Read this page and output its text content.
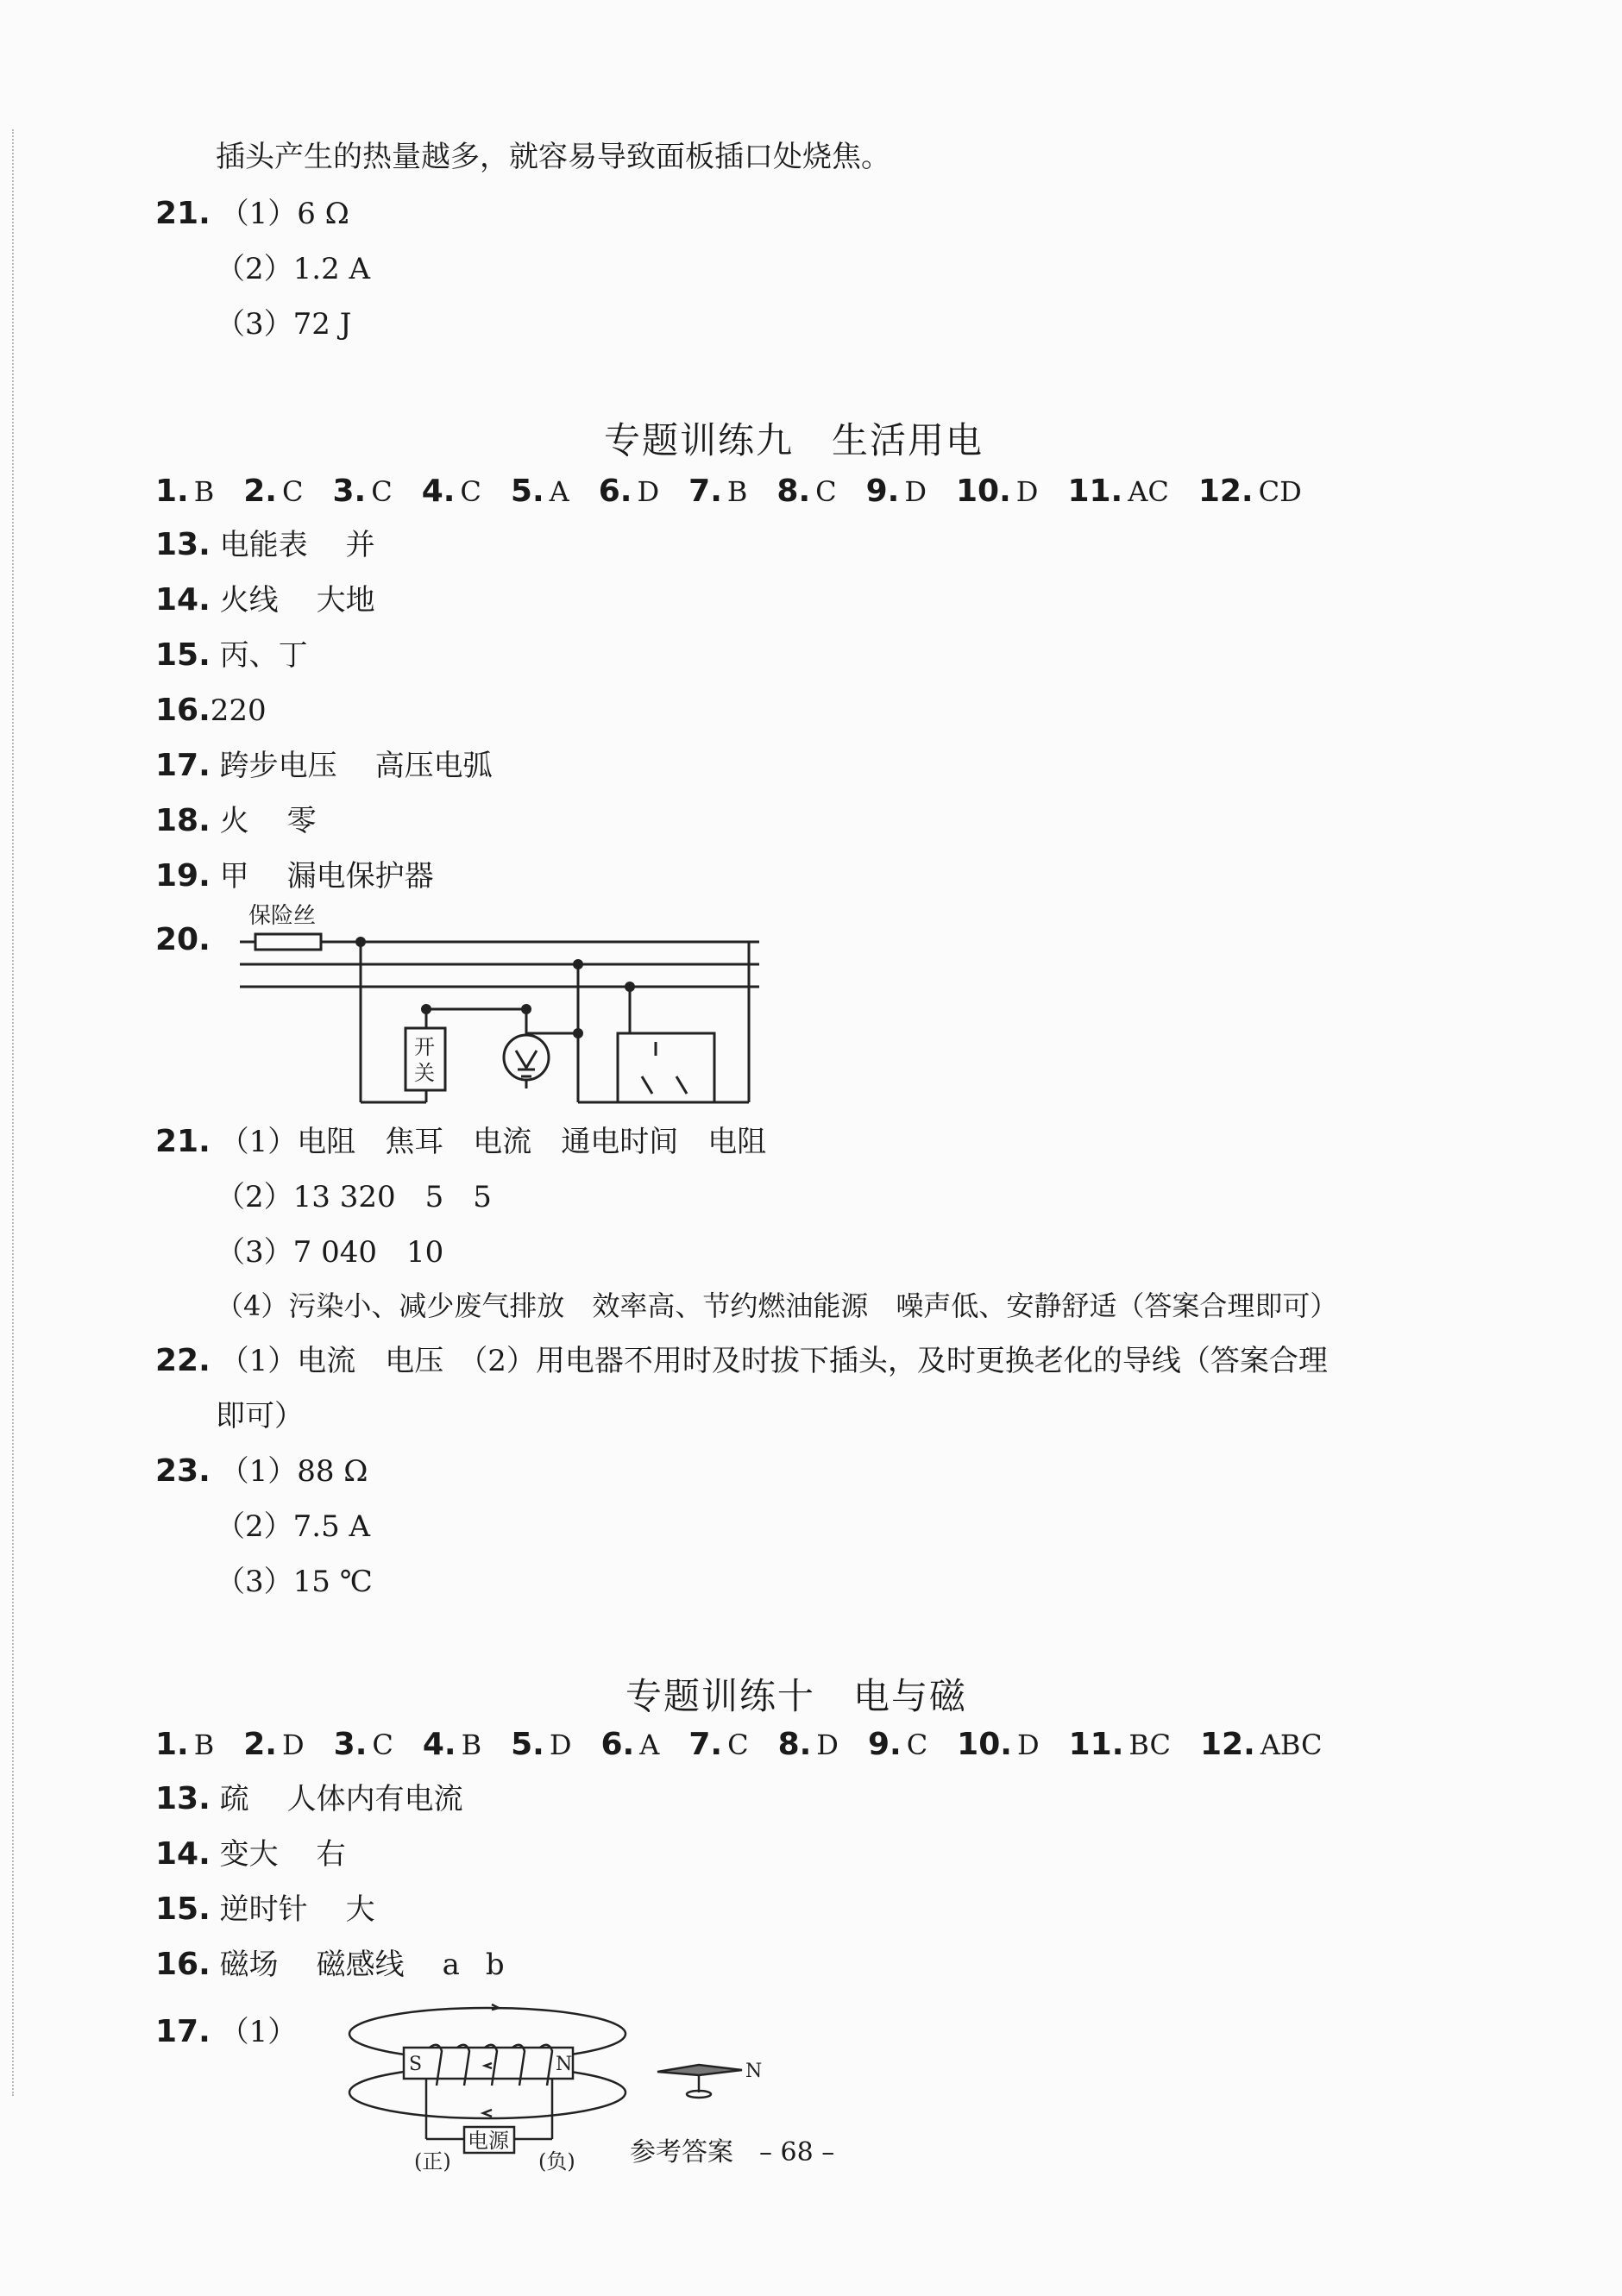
插头产生的热量越多，就容易导致面板插口处烧焦。
21. （1）6 Ω
（2）1.2 A
（3）72 J
专题训练九　生活用电
1. B 2. C 3. C 4. C 5. A 6. D 7. B 8. C 9. D 10. D 11. AC 12. CD
13. 电能表 并
14. 火线 大地
15. 丙、丁
16.220
17. 跨步电压 高压电弧
18. 火 零
19. 甲 漏电保护器
20.
保险丝
开
关
21. （1）电阻　焦耳　电流　通电时间　电阻
（2）13 320　5　5
（3）7 040　10
（4）污染小、减少废气排放　效率高、节约燃油能源　噪声低、安静舒适（答案合理即可）
22. （1）电流　电压　（2）用电器不用时及时拔下插头，及时更换老化的导线（答案合理
即可）
23. （1）88 Ω
（2）7.5 A
（3）15 ℃
专题训练十　电与磁
1. B 2. D 3. C 4. B 5. D 6. A 7. C 8. D 9. C 10. D 11. BC 12. ABC
13. 疏 人体内有电流
14. 变大 右
15. 逆时针 大
16. 磁场 磁感线 a b
17. （1）
S	N	N
电源
(正)	(负) 参考答案　– 68 –
